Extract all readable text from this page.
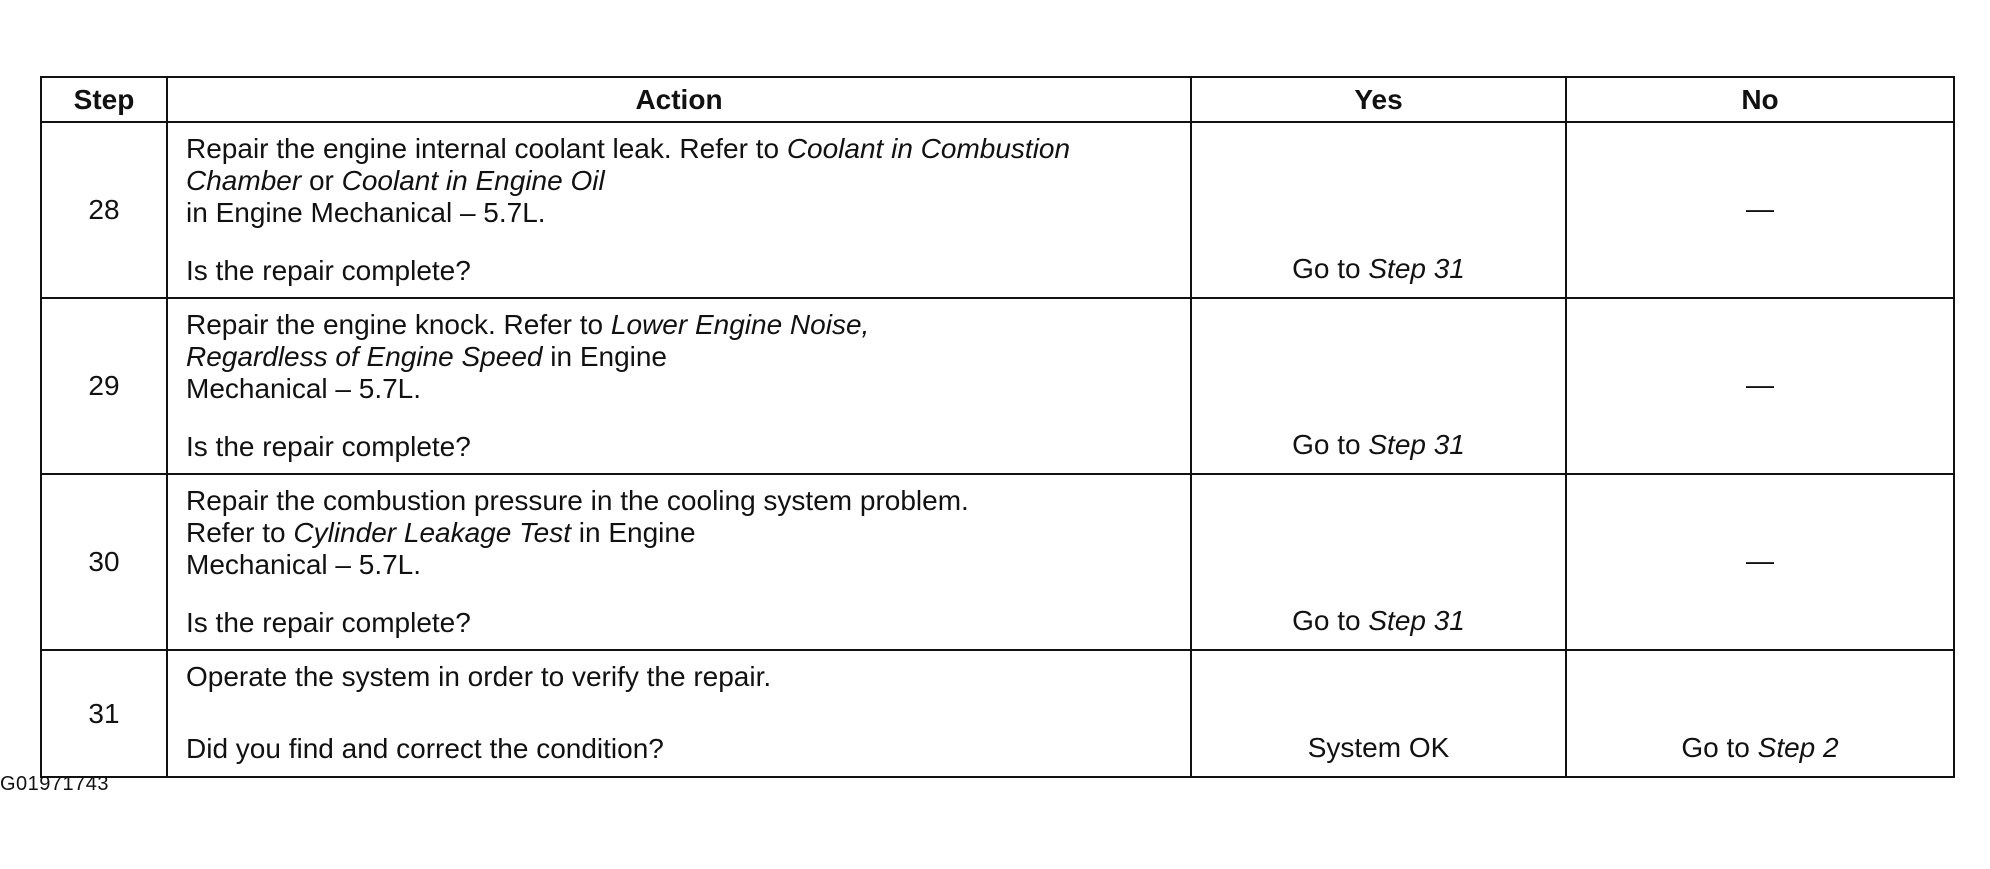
Step	Action	Yes	No
28	Repair the engine internal coolant leak. Refer to Coolant in Combustion Chamber or Coolant in Engine Oil
in Engine Mechanical – 5.7L.

Is the repair complete?	Go to Step 31	—

29	Repair the engine knock. Refer to Lower Engine Noise,
Regardless of Engine Speed in Engine
Mechanical – 5.7L.

Is the repair complete?	Go to Step 31	—

30	Repair the combustion pressure in the cooling system problem.
Refer to Cylinder Leakage Test in Engine
Mechanical – 5.7L.

Is the repair complete?	Go to Step 31	—

31	Operate the system in order to verify the repair.

Did you find and correct the condition?	System OK	Go to Step 2
G01971743
